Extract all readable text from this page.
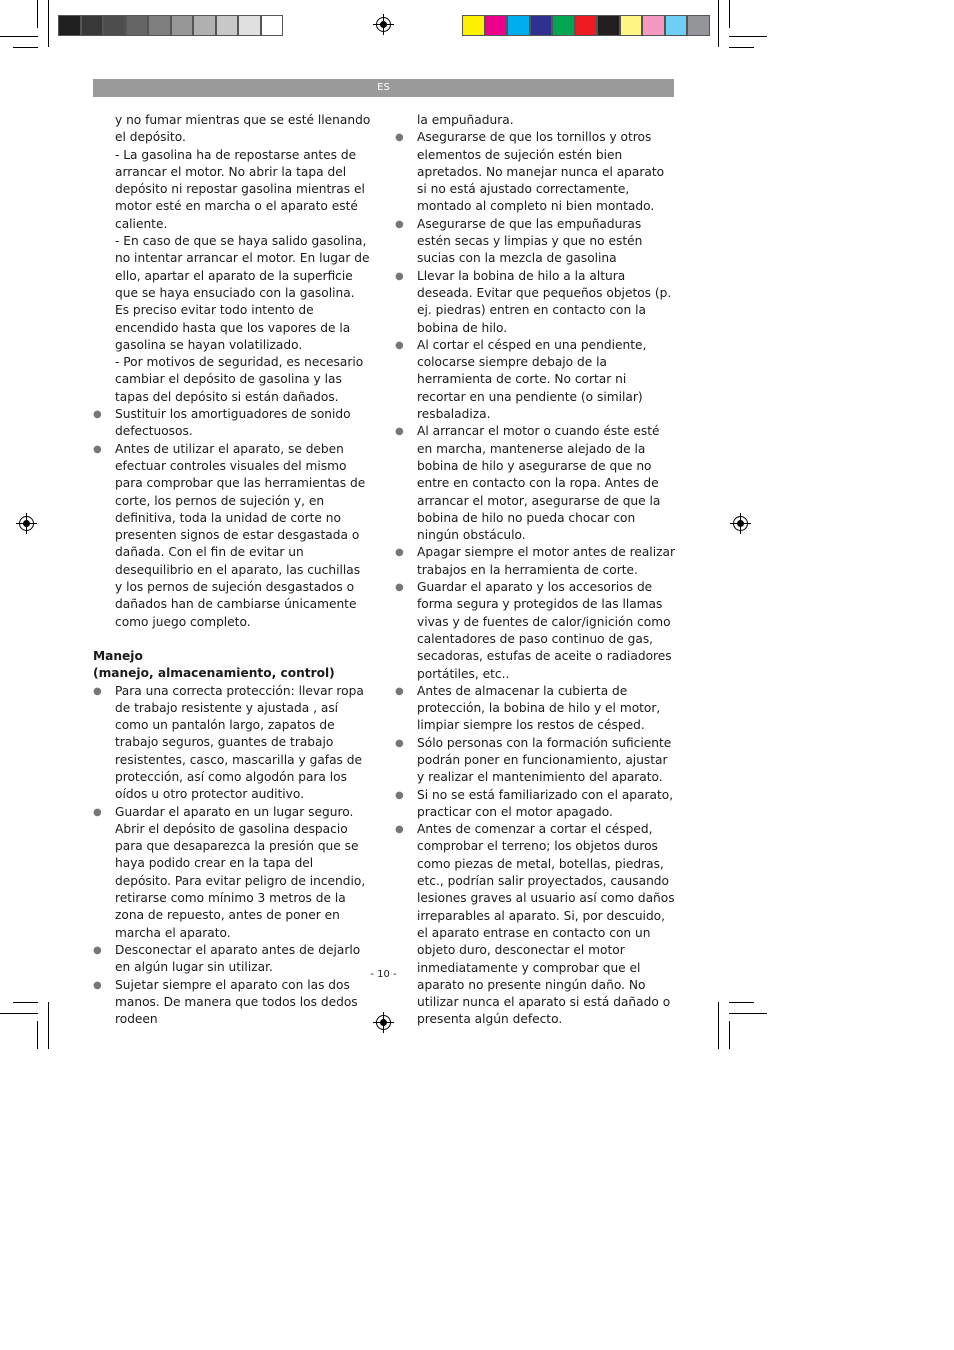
ES

y no fumar mientras que se esté llenando el depósito.

- La gasolina ha de repostarse antes de arrancar el motor. No abrir la tapa del depósito ni repostar gasolina mientras el motor esté en marcha o el aparato esté caliente.

- En caso de que se haya salido gasolina, no intentar arrancar el motor. En lugar de ello, apartar el aparato de la superficie que se haya ensuciado con la gasolina. Es preciso evitar todo intento de encendido hasta que los vapores de la gasolina se hayan volatilizado.

- Por motivos de seguridad, es necesario cambiar el depósito de gasolina y las tapas del depósito si están dañados.

● Sustituir los amortiguadores de sonido defectuosos.
● Antes de utilizar el aparato, se deben efectuar controles visuales del mismo para comprobar que las herramientas de corte, los pernos de sujeción y, en definitiva, toda la unidad de corte no presenten signos de estar desgastada o dañada. Con el fin de evitar un desequilibrio en el aparato, las cuchillas y los pernos de sujeción desgastados o dañados han de cambiarse únicamente como juego completo.

Manejo
(manejo, almacenamiento, control)

● Para una correcta protección: llevar ropa de trabajo resistente y ajustada , así como un pantalón largo, zapatos de trabajo seguros, guantes de trabajo resistentes, casco, mascarilla y gafas de protección, así como algodón para los oídos u otro protector auditivo.
● Guardar el aparato en un lugar seguro. Abrir el depósito de gasolina despacio para que desaparezca la presión que se haya podido crear en la tapa del depósito. Para evitar peligro de incendio, retirarse como mínimo 3 metros de la zona de repuesto, antes de poner en marcha el aparato.
● Desconectar el aparato antes de dejarlo en algún lugar sin utilizar.
● Sujetar siempre el aparato con las dos manos. De manera que todos los dedos rodeen

la empuñadura.

● Asegurarse de que los tornillos y otros elementos de sujeción estén bien apretados. No manejar nunca el aparato si no está ajustado correctamente, montado al completo ni bien montado.
● Asegurarse de que las empuñaduras estén secas y limpias y que no estén sucias con la mezcla de gasolina
● Llevar la bobina de hilo a la altura deseada. Evitar que pequeños objetos (p. ej. piedras) entren en contacto con la bobina de hilo.
● Al cortar el césped en una pendiente, colocarse siempre debajo de la herramienta de corte. No cortar ni recortar en una pendiente (o similar) resbaladiza.
● Al arrancar el motor o cuando éste esté en marcha, mantenerse alejado de la bobina de hilo y asegurarse de que no entre en contacto con la ropa. Antes de arrancar el motor, asegurarse de que la bobina de hilo no pueda chocar con ningún obstáculo.
● Apagar siempre el motor antes de realizar trabajos en la herramienta de corte.
● Guardar el aparato y los accesorios de forma segura y protegidos de las llamas vivas y de fuentes de calor/ignición como calentadores de paso continuo de gas, secadoras, estufas de aceite o radiadores portátiles, etc..
● Antes de almacenar la cubierta de protección, la bobina de hilo y el motor, limpiar siempre los restos de césped.
● Sólo personas con la formación suficiente podrán poner en funcionamiento, ajustar y realizar el mantenimiento del aparato.
● Si no se está familiarizado con el aparato, practicar con el motor apagado.
● Antes de comenzar a cortar el césped, comprobar el terreno; los objetos duros como piezas de metal, botellas, piedras, etc., podrían salir proyectados, causando lesiones graves al usuario así como daños irreparables al aparato. Si, por descuido, el aparato entrase en contacto con un objeto duro, desconectar el motor inmediatamente y comprobar que el aparato no presente ningún daño. No utilizar nunca el aparato si está dañado o presenta algún defecto.
- 10 -
